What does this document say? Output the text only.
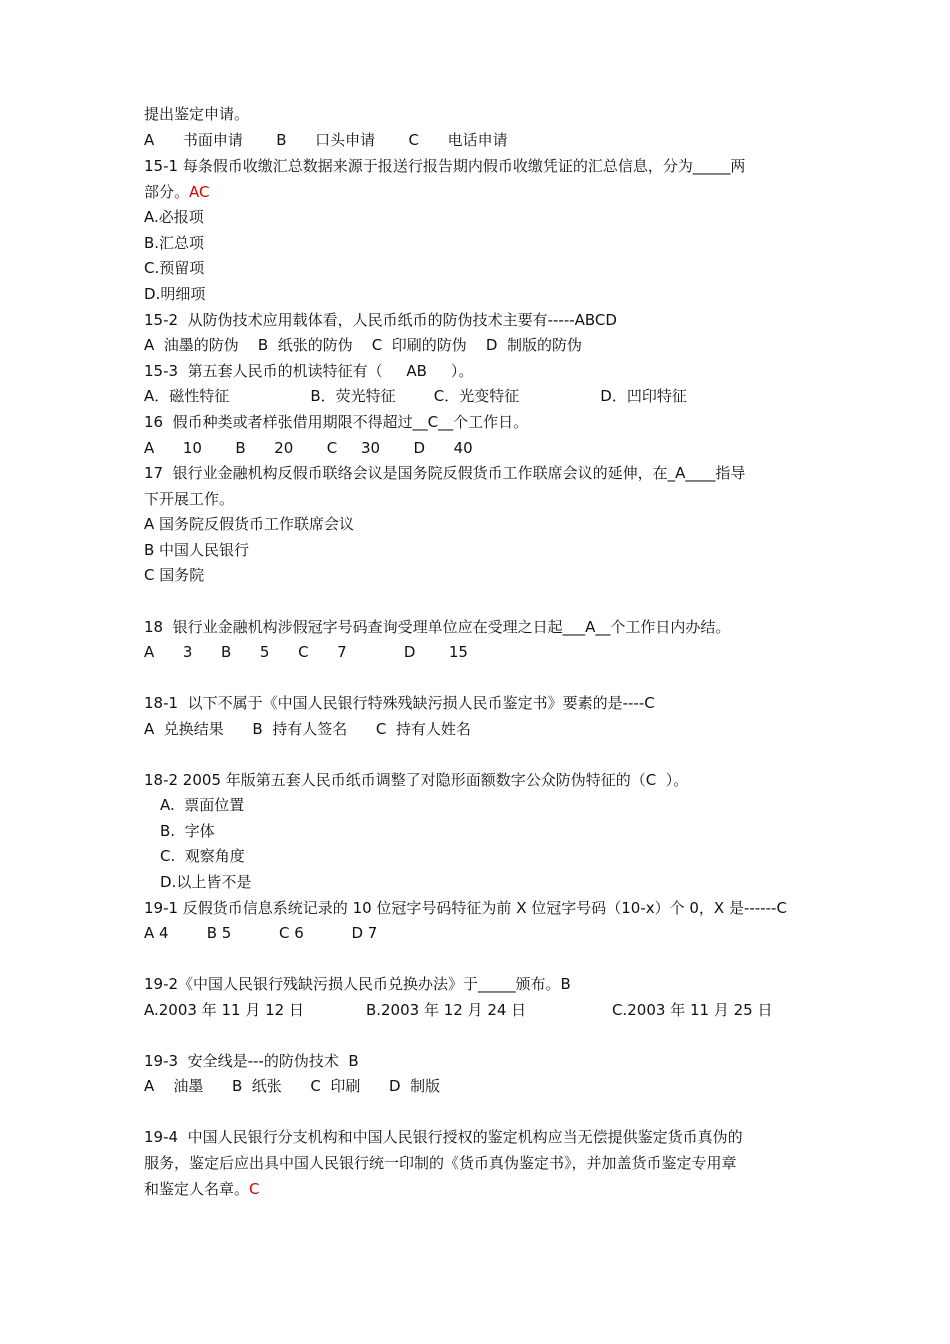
提出鉴定申请。
A      书面申请       B      口头申请       C      电话申请
15-1 每条假币收缴汇总数据来源于报送行报告期内假币收缴凭证的汇总信息，分为_____两
部分。AC
A.必报项
B.汇总项
C.预留项
D.明细项
15-2  从防伪技术应用载体看，人民币纸币的防伪技术主要有-----ABCD
A  油墨的防伪    B  纸张的防伪    C  印刷的防伪    D  制版的防伪
15-3  第五套人民币的机读特征有（     AB     ）。
A．磁性特征                 B．荧光特征        C．光变特征                 D．凹印特征
16  假币种类或者样张借用期限不得超过__C__个工作日。
A      10       B      20       C     30       D      40
17  银行业金融机构反假币联络会议是国务院反假货币工作联席会议的延伸，在_A____指导
下开展工作。
A 国务院反假货币工作联席会议
B 中国人民银行
C 国务院
18  银行业金融机构涉假冠字号码查询受理单位应在受理之日起___A__个工作日内办结。
A      3      B      5      C      7            D       15
18-1  以下不属于《中国人民银行特殊残缺污损人民币鉴定书》要素的是----C
A  兑换结果      B  持有人签名      C  持有人姓名
18-2 2005 年版第五套人民币纸币调整了对隐形面额数字公众防伪特征的（C  ）。
A.  票面位置
B.  字体
C.  观察角度
D.以上皆不是
19-1 反假货币信息系统记录的 10 位冠字号码特征为前 X 位冠字号码（10-x）个 0，X 是------C
A 4        B 5          C 6          D 7
19-2《中国人民银行残缺污损人民币兑换办法》于_____颁布。B
A.2003 年 11 月 12 日             B.2003 年 12 月 24 日                  C.2003 年 11 月 25 日
19-3  安全线是---的防伪技术  B
A    油墨      B  纸张      C  印刷      D  制版
19-4  中国人民银行分支机构和中国人民银行授权的鉴定机构应当无偿提供鉴定货币真伪的
服务，鉴定后应出具中国人民银行统一印制的《货币真伪鉴定书》，并加盖货币鉴定专用章
和鉴定人名章。C
